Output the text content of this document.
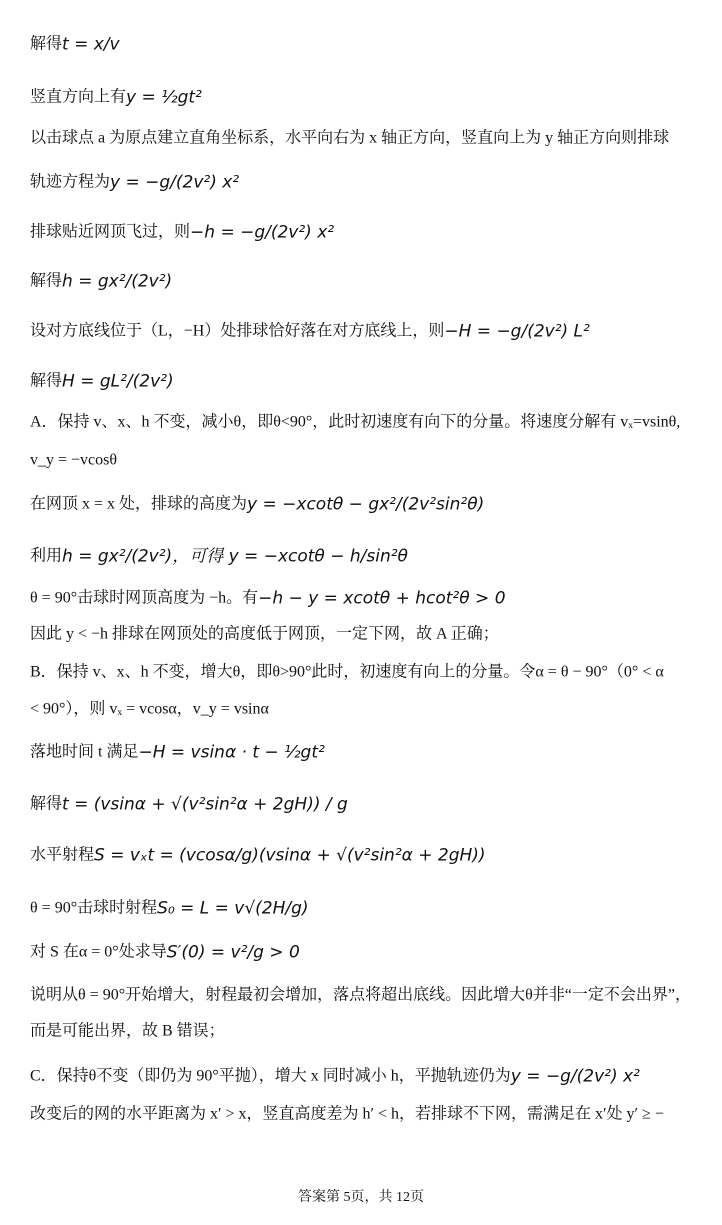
解得t = x/v
竖直方向上有y = ½gt²
以击球点 a 为原点建立直角坐标系，水平向右为 x 轴正方向，竖直向上为 y 轴正方向则排球
轨迹方程为y = −g/(2v²) x²
排球贴近网顶飞过，则−h = −g/(2v²) x²
解得h = gx²/(2v²)
设对方底线位于（L，−H）处排球恰好落在对方底线上，则−H = −g/(2v²) L²
解得H = gL²/(2v²)
A．保持 v、x、h 不变，减小θ，即θ<90°，此时初速度有向下的分量。将速度分解有 vₓ=vsinθ,
v_y = −vcosθ
在网顶 x = x 处，排球的高度为y = −xcotθ − gx²/(2v²sin²θ)
利用h = gx²/(2v²)，可得 y = −xcotθ − h/sin²θ
θ = 90°击球时网顶高度为 −h。有−h − y = xcotθ + hcot²θ > 0
因此 y < −h 排球在网顶处的高度低于网顶，一定下网，故 A 正确；
B．保持 v、x、h 不变，增大θ，即θ>90°此时，初速度有向上的分量。令α = θ − 90°（0° < α
< 90°），则 vₓ = vcosα，v_y = vsinα
落地时间 t 满足−H = vsinα · t − ½gt²
解得t = (vsinα + √(v²sin²α + 2gH)) / g
水平射程S = vₓt = (vcosα/g)(vsinα + √(v²sin²α + 2gH))
θ = 90°击球时射程S₀ = L = v√(2H/g)
对 S 在α = 0°处求导S′(0) = v²/g > 0
说明从θ = 90°开始增大，射程最初会增加，落点将超出底线。因此增大θ并非“一定不会出界”，
而是可能出界，故 B 错误；
C．保持θ不变（即仍为 90°平抛），增大 x 同时减小 h，平抛轨迹仍为y = −g/(2v²) x²
改变后的网的水平距离为 x′ > x，竖直高度差为 h′ < h，若排球不下网，需满足在 x′处 y′ ≥ −
答案第 5页，共 12页
